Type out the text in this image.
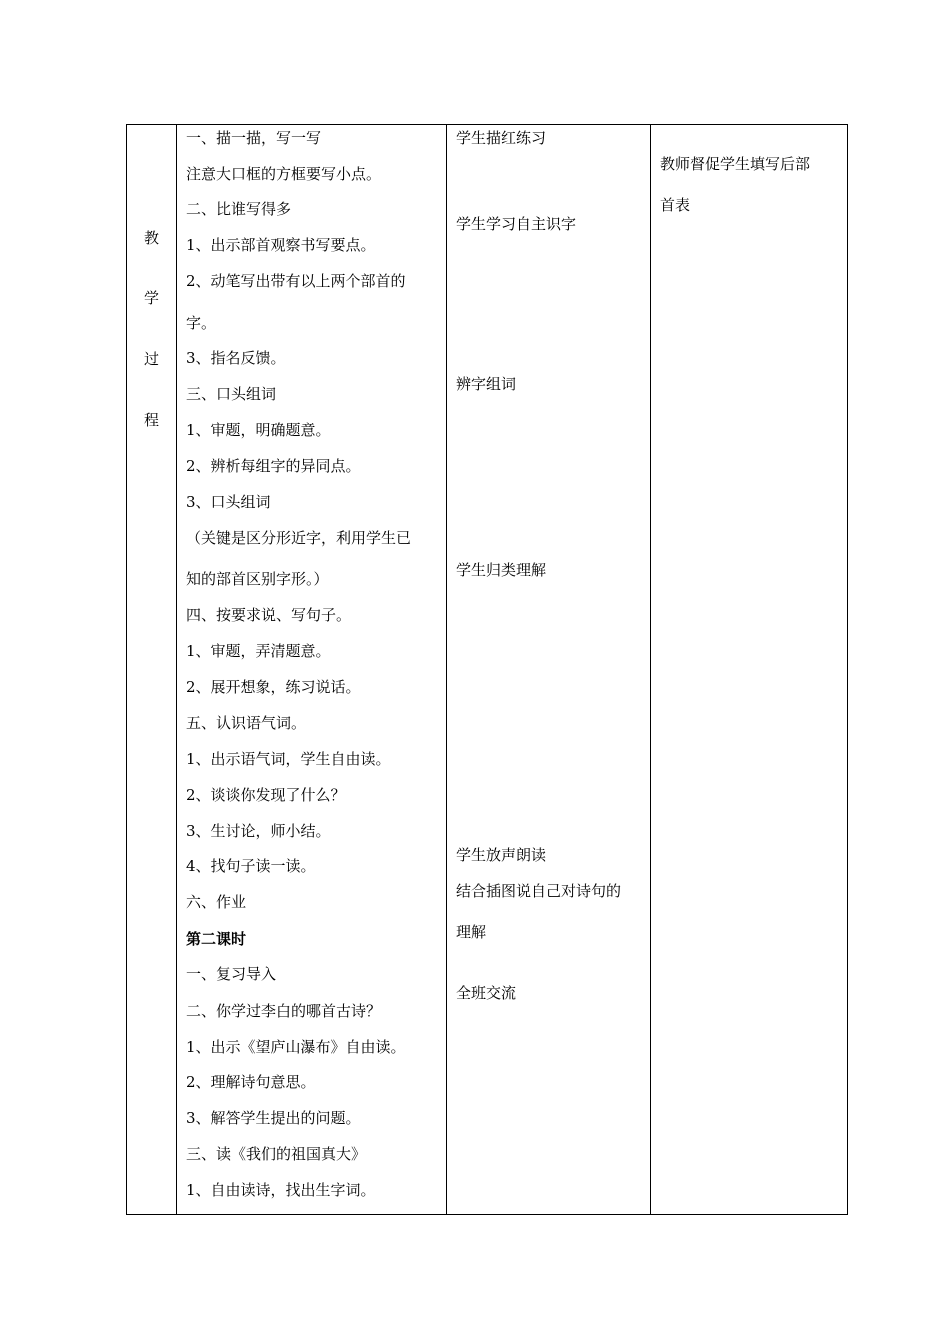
教
学
过
程
一、描一描，写一写
注意大口框的方框要写小点。
二、比谁写得多
1、出示部首观察书写要点。
2、动笔写出带有以上两个部首的
字。
3、指名反馈。
三、口头组词
1、审题，明确题意。
2、辨析每组字的异同点。
3、口头组词
（关键是区分形近字，利用学生已
知的部首区别字形。）
四、按要求说、写句子。
1、审题，弄清题意。
2、展开想象，练习说话。
五、认识语气词。
1、出示语气词，学生自由读。
2、谈谈你发现了什么？
3、生讨论，师小结。
4、找句子读一读。
六、作业
第二课时
一、复习导入
二、你学过李白的哪首古诗？
1、出示《望庐山瀑布》自由读。
2、理解诗句意思。
3、解答学生提出的问题。
三、读《我们的祖国真大》
1、自由读诗，找出生字词。
学生描红练习
学生学习自主识字
辨字组词
学生归类理解
学生放声朗读
结合插图说自己对诗句的
理解
全班交流
教师督促学生填写后部
首表
